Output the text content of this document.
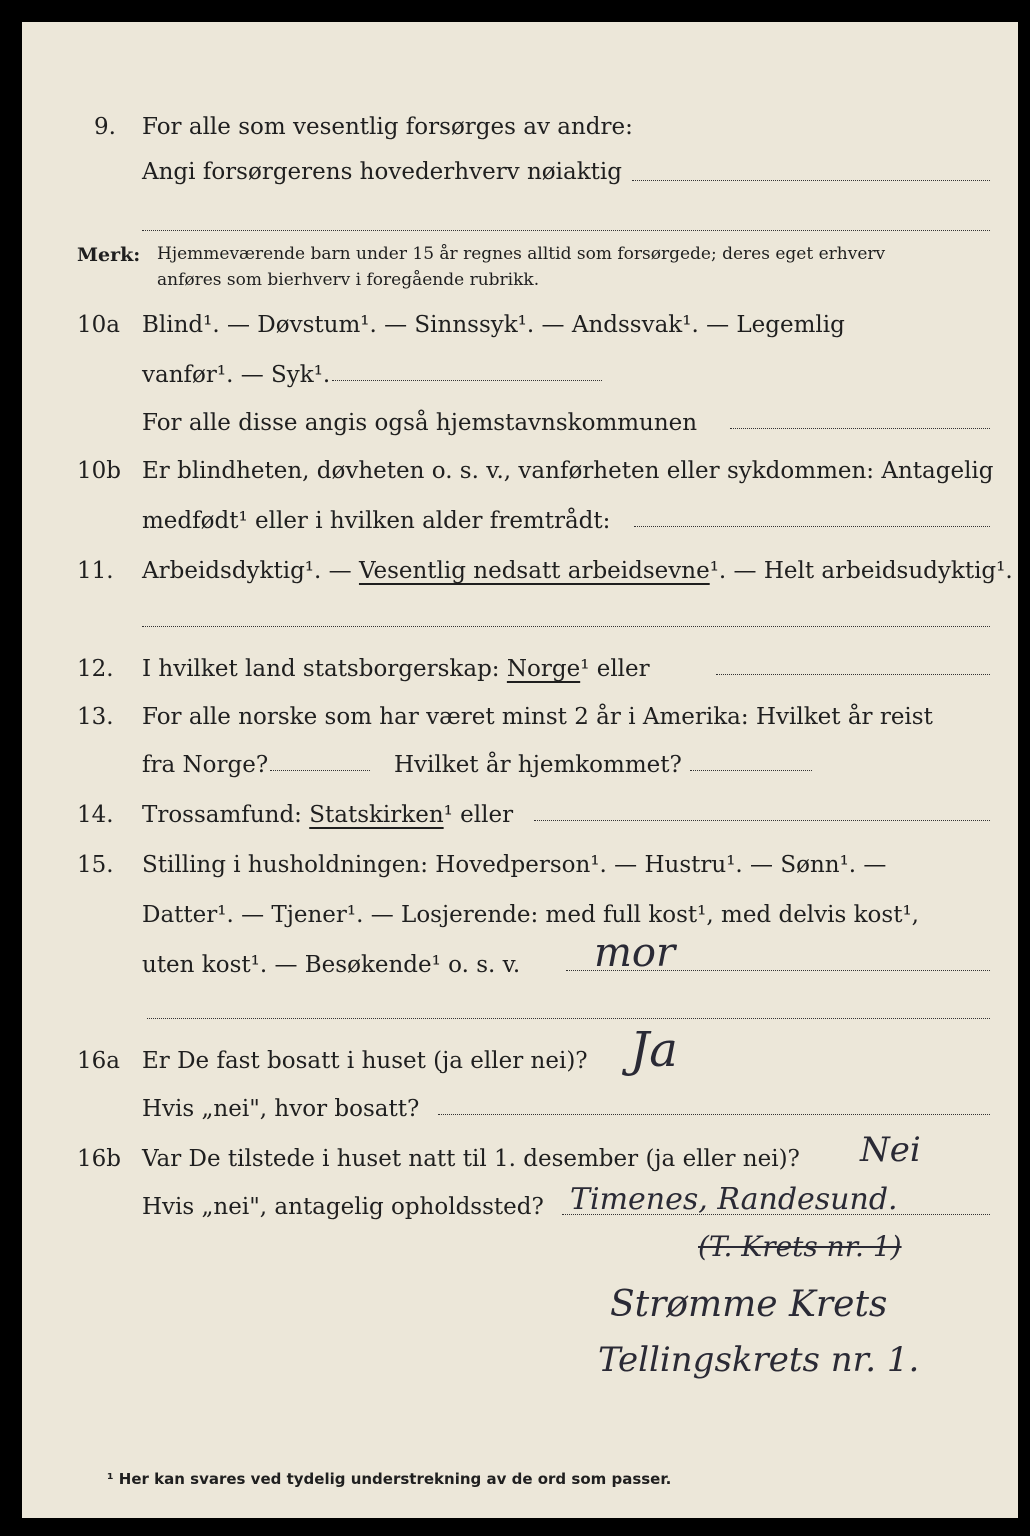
9. For alle som vesentlig forsørges av andre:
Angi forsørgerens hovederhverv nøiaktig
Merk: Hjemmeværende barn under 15 år regnes alltid som forsørgede; deres eget erhverv
anføres som bierhverv i foregående rubrikk.
10a Blind¹. — Døvstum¹. — Sinnssyk¹. — Andssvak¹. — Legemlig
vanfør¹. — Syk¹.
For alle disse angis også hjemstavnskommunen
10b Er blindheten, døvheten o. s. v., vanførheten eller sykdommen: Antagelig
medfødt¹ eller i hvilken alder fremtrådt:
11. Arbeidsdyktig¹. — Vesentlig nedsatt arbeidsevne¹. — Helt arbeidsudyktig¹.
12. I hvilket land statsborgerskap: Norge¹ eller
13. For alle norske som har været minst 2 år i Amerika: Hvilket år reist
fra Norge?	Hvilket år hjemkommet?
14. Trossamfund: Statskirken¹ eller
15. Stilling i husholdningen: Hovedperson¹. — Hustru¹. — Sønn¹. —
Datter¹. — Tjener¹. — Losjerende: med full kost¹, med delvis kost¹,
uten kost¹. — Besøkende¹ o. s. v. mor
16a Er De fast bosatt i huset (ja eller nei)? Ja
Hvis „nei", hvor bosatt?
16b Var De tilstede i huset natt til 1. desember (ja eller nei)? Nei
Hvis „nei", antagelig opholdssted? Timenes, Randesund.
(T. Krets nr. 1)
Strømme Krets
Tellingskrets nr. 1.
¹ Her kan svares ved tydelig understrekning av de ord som passer.
